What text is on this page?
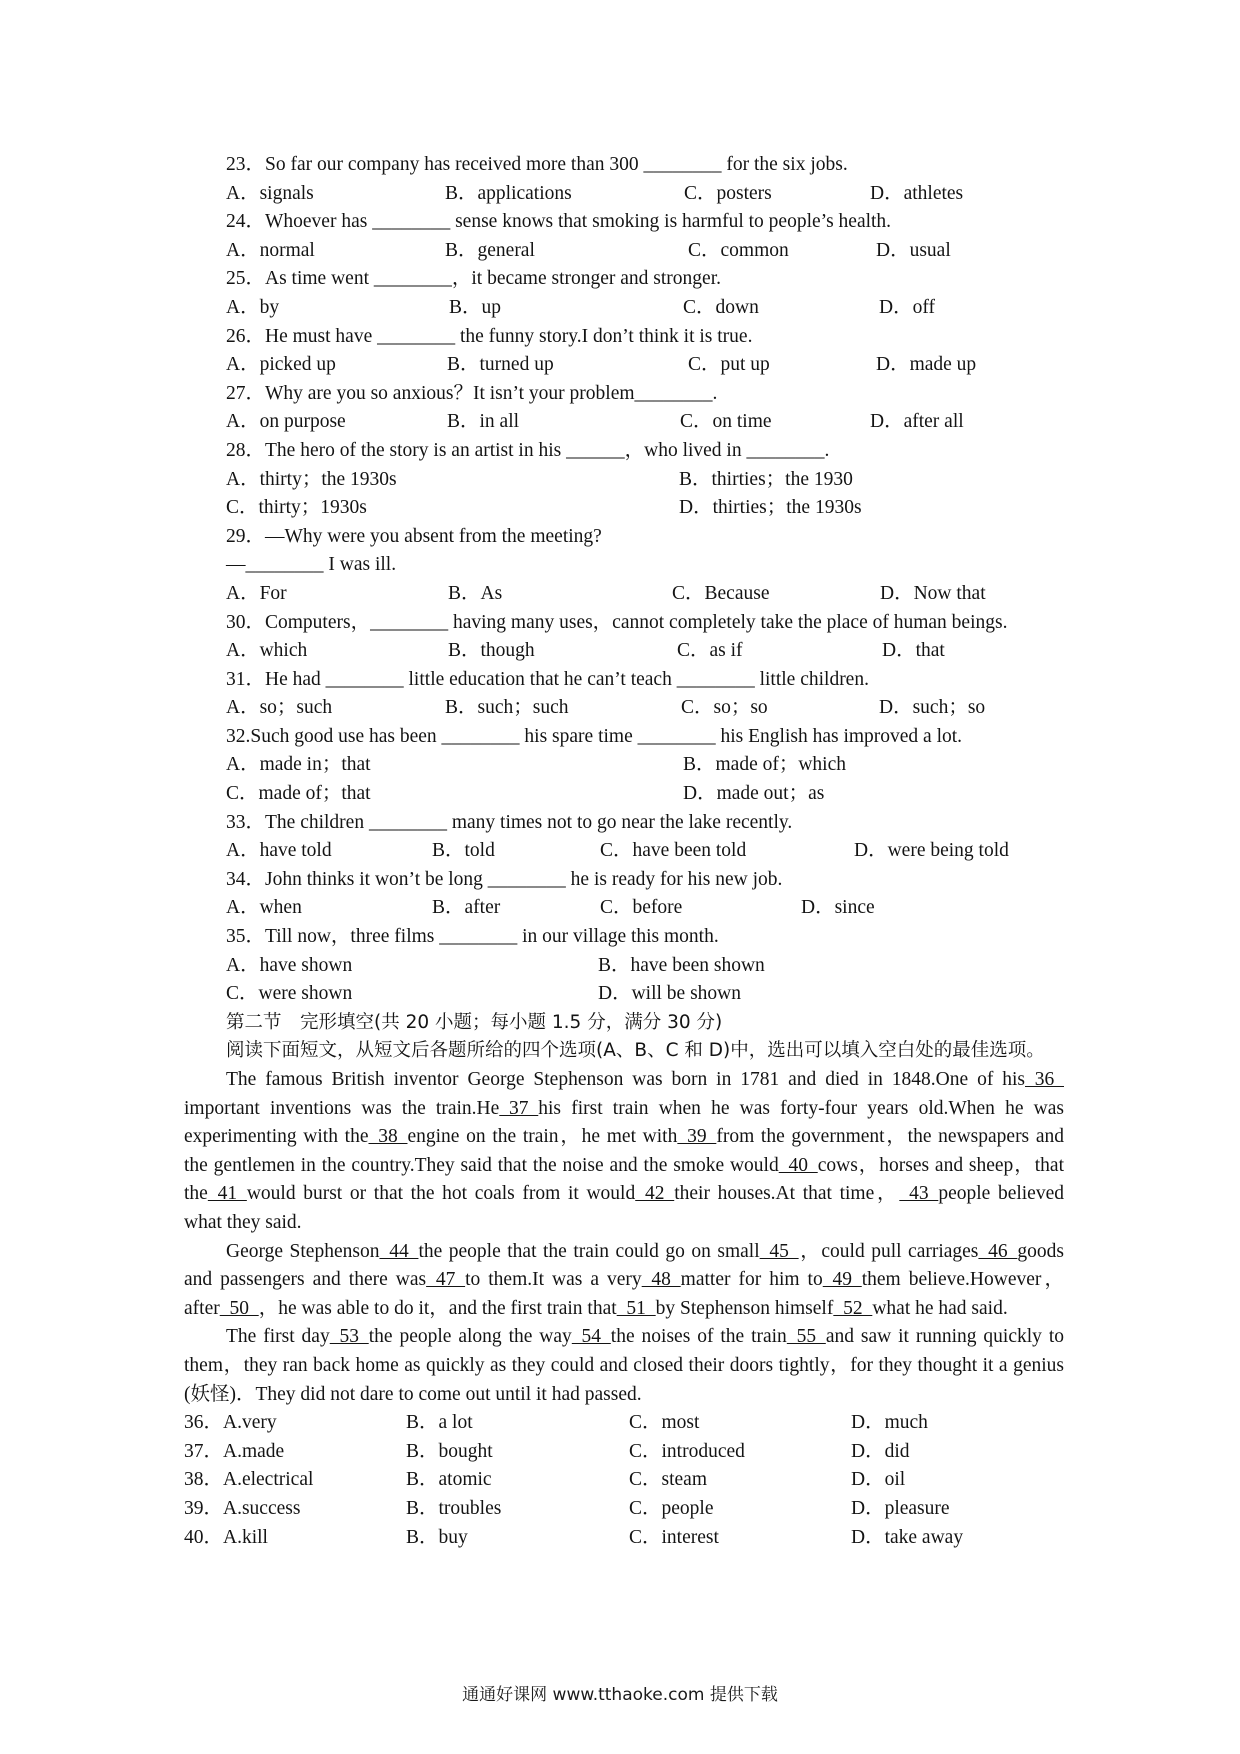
23．So far our company has received more than 300 ________ for the six jobs.
A．signals	B．applications	C．posters	D．athletes
24．Whoever has ________ sense knows that smoking is harmful to people’s health.
A．normal	B．general	C．common	D．usual
25．As time went ________，it became stronger and stronger.
A．by	B．up	C．down	D．off
26．He must have ________ the funny story.I don’t think it is true.
A．picked up	B．turned up	C．put up	D．made up
27．Why are you so anxious？It isn’t your problem________.
A．on purpose	B．in all	C．on time	D．after all
28．The hero of the story is an artist in his ______，who lived in ________.
A．thirty；the 1930s	B．thirties；the 1930
C．thirty；1930s	D．thirties；the 1930s
29．—Why were you absent from the meeting?
—________ I was ill.
A．For	B．As	C．Because	D．Now that
30．Computers，________ having many uses，cannot completely take the place of human beings.
A．which	B．though	C．as if	D．that
31．He had ________ little education that he can’t teach ________ little children.
A．so；such	B．such；such	C．so；so	D．such；so
32.Such good use has been ________ his spare time ________ his English has improved a lot.
A．made in；that	B．made of；which
C．made of；that	D．made out；as
33．The children ________ many times not to go near the lake recently.
A．have told	B．told	C．have been told	D．were being told
34．John thinks it won’t be long ________ he is ready for his new job.
A．when	B．after	C．before	D．since
35．Till now，three films ________ in our village this month.
A．have shown	B．have been shown
C．were shown	D．will be shown
第二节　完形填空(共 20 小题；每小题 1.5 分，满分 30 分)
阅读下面短文，从短文后各题所给的四个选项(A、B、C 和 D)中，选出可以填入空白处的最佳选项。
The famous British inventor George Stephenson was born in 1781 and died in 1848.One of his 36 important inventions was the train.He 37 his first train when he was forty-four years old.When he was experimenting with the 38 engine on the train，he met with 39 from the government，the newspapers and the gentlemen in the country.They said that the noise and the smoke would 40 cows，horses and sheep，that the 41 would burst or that the hot coals from it would 42 their houses.At that time， 43 people believed what they said.
George Stephenson 44 the people that the train could go on small 45 ，could pull carriages 46 goods and passengers and there was 47 to them.It was a very 48 matter for him to 49 them believe.However，after 50 ，he was able to do it，and the first train that 51 by Stephenson himself 52 what he had said.
The first day 53 the people along the way 54 the noises of the train 55 and saw it running quickly to them，they ran back home as quickly as they could and closed their doors tightly，for they thought it a genius (妖怪)．They did not dare to come out until it had passed.
36．A.very	B．a lot	C．most	D．much
37．A.made	B．bought	C．introduced	D．did
38．A.electrical	B．atomic	C．steam	D．oil
39．A.success	B．troubles	C．people	D．pleasure
40．A.kill	B．buy	C．interest	D．take away
通通好课网 www.tthaoke.com 提供下载
